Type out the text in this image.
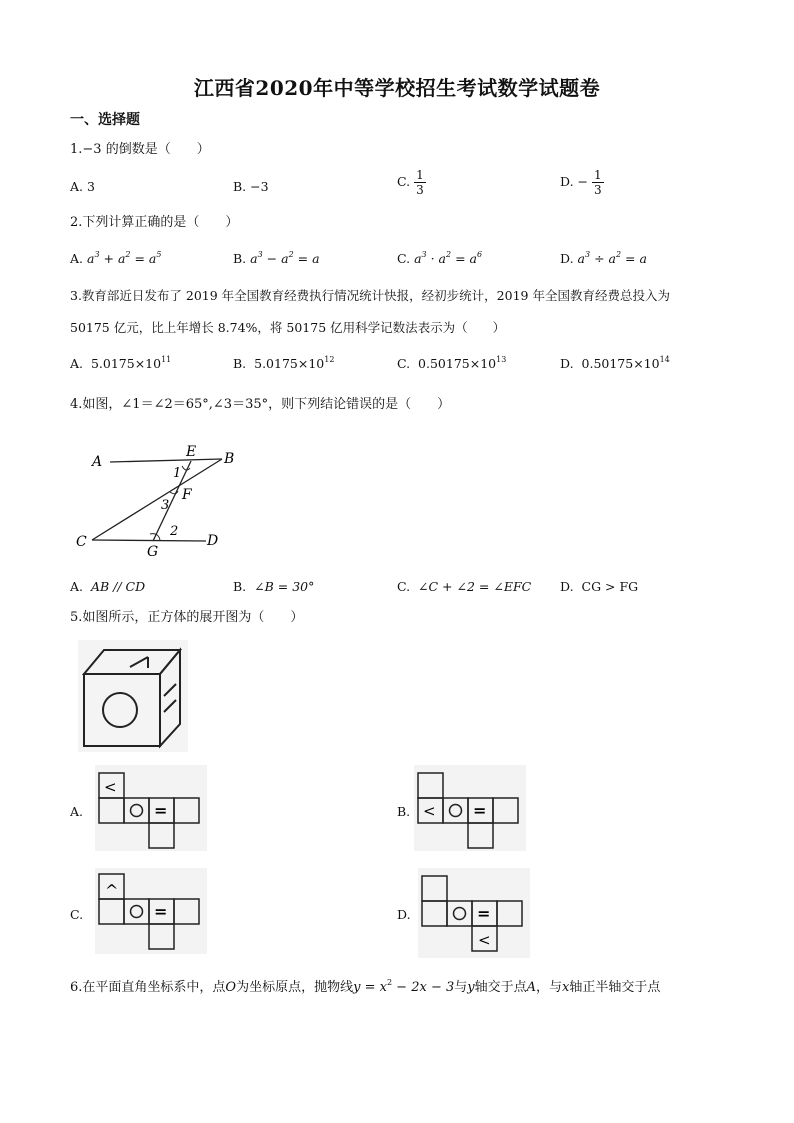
江西省2020年中等学校招生考试数学试题卷
一、选择题
1.−3 的倒数是（　　）
A. 3	B. −3	C. $\frac{1}{3}$	D. − $\frac{1}{3}$
2.下列计算正确的是（　　）
A. $a^3 + a^2 = a^5$	B. $a^3 - a^2 = a$	C. $a^3 \cdot a^2 = a^6$	D. $a^3 \div a^2 = a$
3.教育部近日发布了 2019 年全国教育经费执行情况统计快报，经初步统计，2019 年全国教育经费总投入为
50175 亿元，比上年增长 8.74%，将 50175 亿用科学记数法表示为（　　）
A. $5.0175\times 10^{11}$	B. $5.0175\times 10^{12}$	C. $0.50175\times 10^{13}$	D. $0.50175\times 10^{14}$
4.如图，∠1＝∠2＝65°,∠3＝35°，则下列结论错误的是（　　）
A	B
C	D
E
F
G
1
2
3
A. AB // CD	B. ∠B = 30°	C. ∠C + ∠2 = ∠EFC D. CG > FG
5.如图所示，正方体的展开图为（　　）
A.
<
=	B. < =
C.
^
=	D.	=
<
6.在平面直角坐标系中，点O为坐标原点，抛物线$y = x^2 - 2x - 3$与y轴交于点A，与x轴正半轴交于点
